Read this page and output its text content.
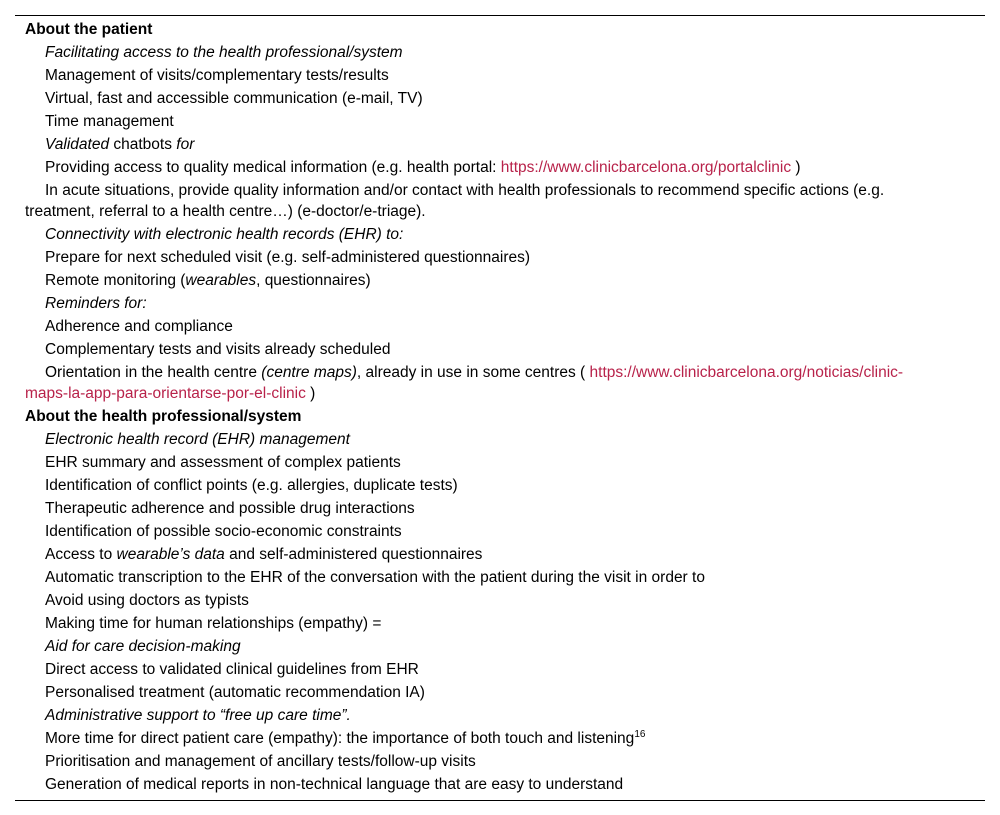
About the patient
Facilitating access to the health professional/system
Management of visits/complementary tests/results
Virtual, fast and accessible communication (e-mail, TV)
Time management
Validated chatbots for
Providing access to quality medical information (e.g. health portal: https://www.clinicbarcelona.org/portalclinic )
In acute situations, provide quality information and/or contact with health professionals to recommend specific actions (e.g. treatment, referral to a health centre…) (e-doctor/e-triage).
Connectivity with electronic health records (EHR) to:
Prepare for next scheduled visit (e.g. self-administered questionnaires)
Remote monitoring (wearables, questionnaires)
Reminders for:
Adherence and compliance
Complementary tests and visits already scheduled
Orientation in the health centre (centre maps), already in use in some centres ( https://www.clinicbarcelona.org/noticias/clinic-maps-la-app-para-orientarse-por-el-clinic )
About the health professional/system
Electronic health record (EHR) management
EHR summary and assessment of complex patients
Identification of conflict points (e.g. allergies, duplicate tests)
Therapeutic adherence and possible drug interactions
Identification of possible socio-economic constraints
Access to wearable’s data and self-administered questionnaires
Automatic transcription to the EHR of the conversation with the patient during the visit in order to
Avoid using doctors as typists
Making time for human relationships (empathy) =
Aid for care decision-making
Direct access to validated clinical guidelines from EHR
Personalised treatment (automatic recommendation IA)
Administrative support to “free up care time”.
More time for direct patient care (empathy): the importance of both touch and listening$^{16}$
Prioritisation and management of ancillary tests/follow-up visits
Generation of medical reports in non-technical language that are easy to understand
